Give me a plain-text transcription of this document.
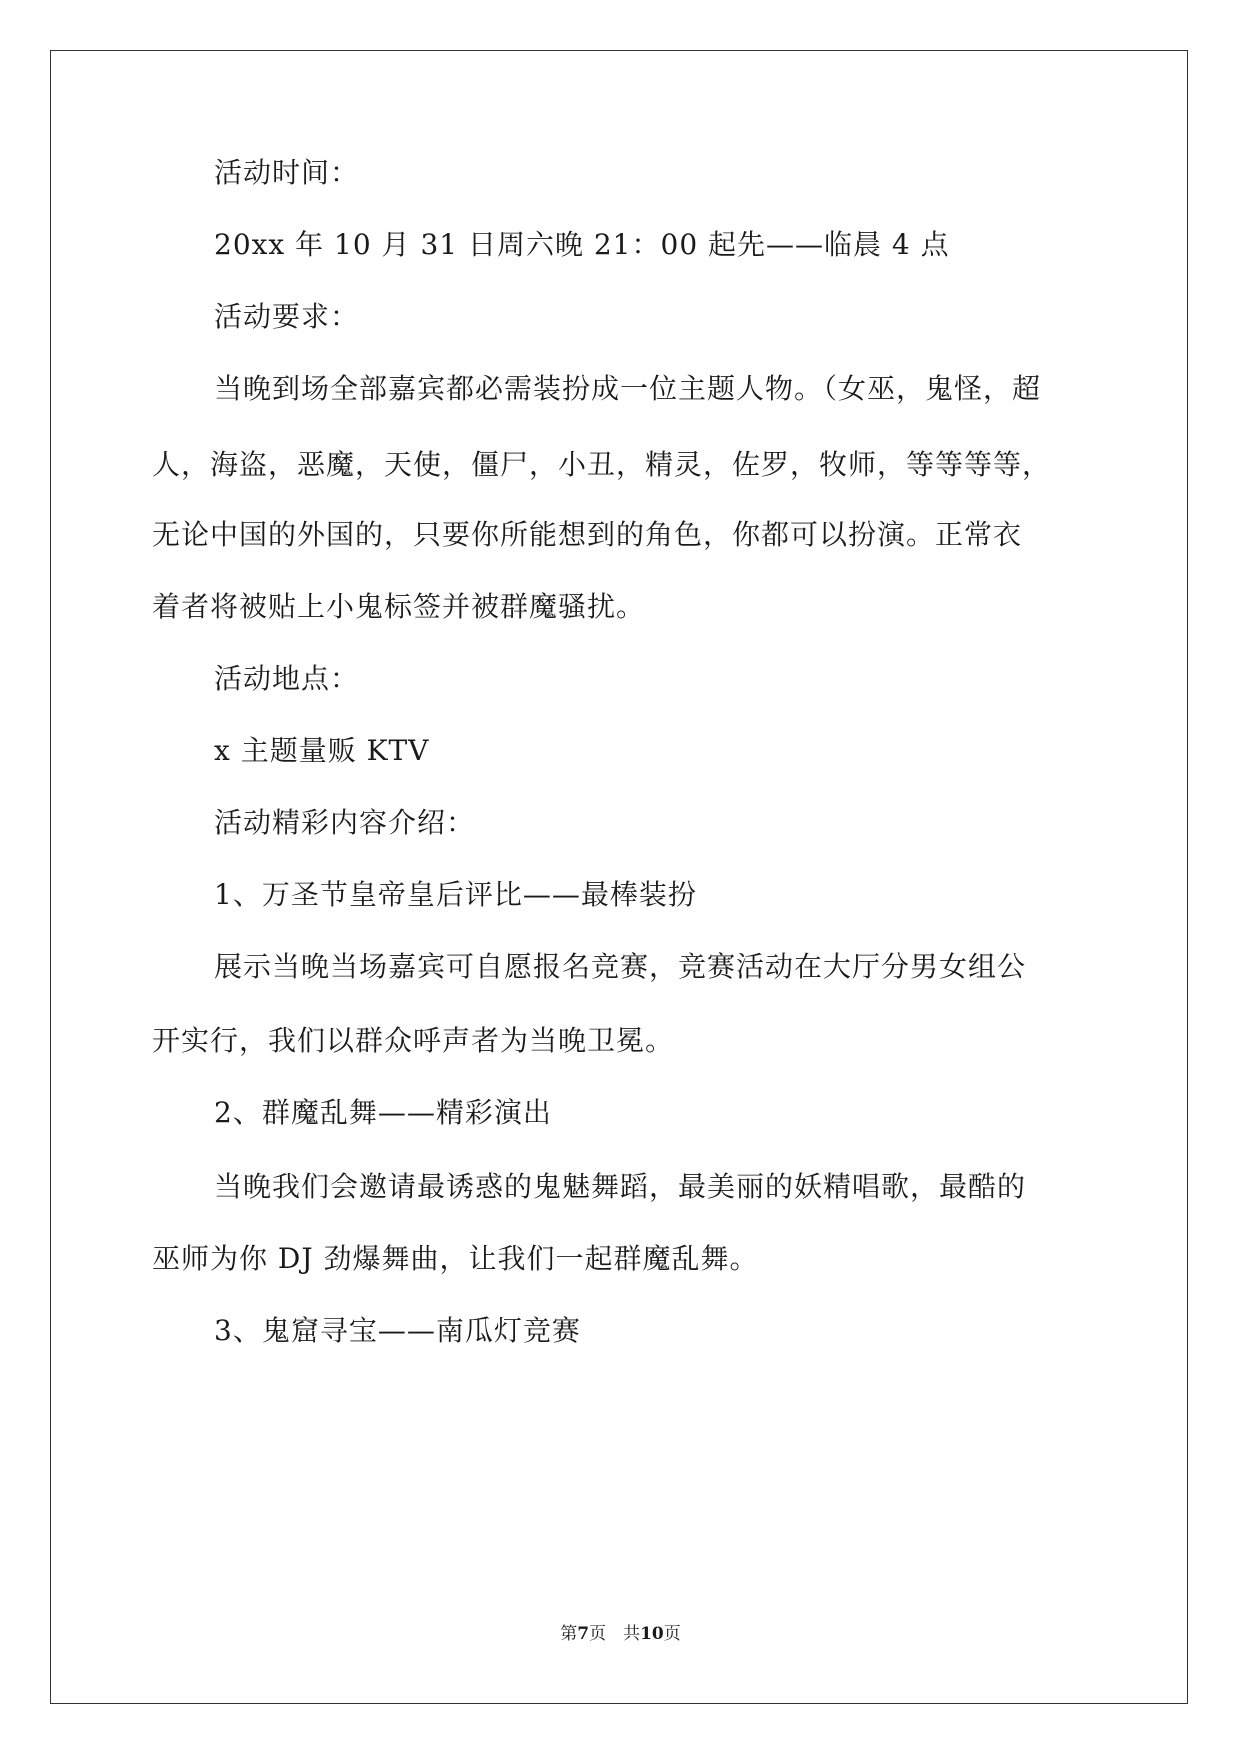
活动时间：
20xx 年 10 月 31 日周六晚 21：00 起先——临晨 4 点
活动要求：
当晚到场全部嘉宾都必需装扮成一位主题人物。（女巫，鬼怪，超
人，海盗，恶魔，天使，僵尸，小丑，精灵，佐罗，牧师，等等等等，
无论中国的外国的，只要你所能想到的角色，你都可以扮演。正常衣
着者将被贴上小鬼标签并被群魔骚扰。
活动地点：
x 主题量贩 KTV
活动精彩内容介绍：
1、万圣节皇帝皇后评比——最棒装扮
展示当晚当场嘉宾可自愿报名竞赛，竞赛活动在大厅分男女组公
开实行，我们以群众呼声者为当晚卫冕。
2、群魔乱舞——精彩演出
当晚我们会邀请最诱惑的鬼魅舞蹈，最美丽的妖精唱歌，最酷的
巫师为你 DJ 劲爆舞曲，让我们一起群魔乱舞。
3、鬼窟寻宝——南瓜灯竞赛
第7页　共10页
